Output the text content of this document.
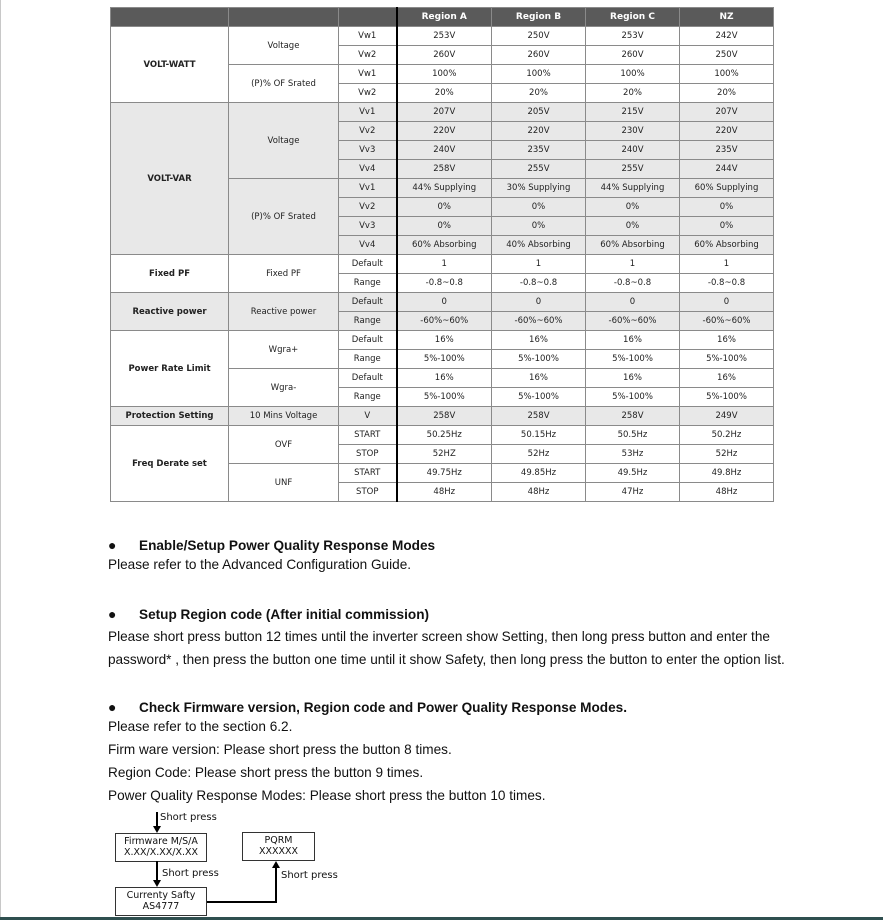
			Region A	Region B	Region C	NZ
VOLT-WATT	Voltage	Vw1	253V	250V	253V	242V
		Vw2	260V	260V	260V	250V
	(P)% OF Srated	Vw1	100%	100%	100%	100%
		Vw2	20%	20%	20%	20%
VOLT-VAR	Voltage	Vv1	207V	205V	215V	207V
		Vv2	220V	220V	230V	220V
		Vv3	240V	235V	240V	235V
		Vv4	258V	255V	255V	244V
	(P)% OF Srated	Vv1	44% Supplying	30% Supplying	44% Supplying	60% Supplying
		Vv2	0%	0%	0%	0%
		Vv3	0%	0%	0%	0%
		Vv4	60% Absorbing	40% Absorbing	60% Absorbing	60% Absorbing
Fixed PF	Fixed PF	Default	1	1	1	1
		Range	-0.8~0.8	-0.8~0.8	-0.8~0.8	-0.8~0.8
Reactive power	Reactive power	Default	0	0	0	0
		Range	-60%~60%	-60%~60%	-60%~60%	-60%~60%
Power Rate Limit	Wgra+	Default	16%	16%	16%	16%
		Range	5%-100%	5%-100%	5%-100%	5%-100%
	Wgra-	Default	16%	16%	16%	16%
		Range	5%-100%	5%-100%	5%-100%	5%-100%
Protection Setting	10 Mins Voltage	V	258V	258V	258V	249V
Freq Derate set	OVF	START	50.25Hz	50.15Hz	50.5Hz	50.2Hz
		STOP	52HZ	52Hz	53Hz	52Hz
	UNF	START	49.75Hz	49.85Hz	49.5Hz	49.8Hz
		STOP	48Hz	48Hz	47Hz	48Hz
● Enable/Setup Power Quality Response Modes
Please refer to the Advanced Configuration Guide.
● Setup Region code (After initial commission)
Please short press button 12 times until the inverter screen show Setting, then long press button and enter the
password* , then press the button one time until it show Safety, then long press the button to enter the option list.
● Check Firmware version, Region code and Power Quality Response Modes.
Please refer to the section 6.2.
Firm ware version: Please short press the button 8 times.
Region Code: Please short press the button 9 times.
Power Quality Response Modes: Please short press the button 10 times.
Short press
Firmware M/S/A
X.XX/X.XX/X.XX
Short press
Currenty Safty
AS4777
Short press
PQRM
XXXXXX
